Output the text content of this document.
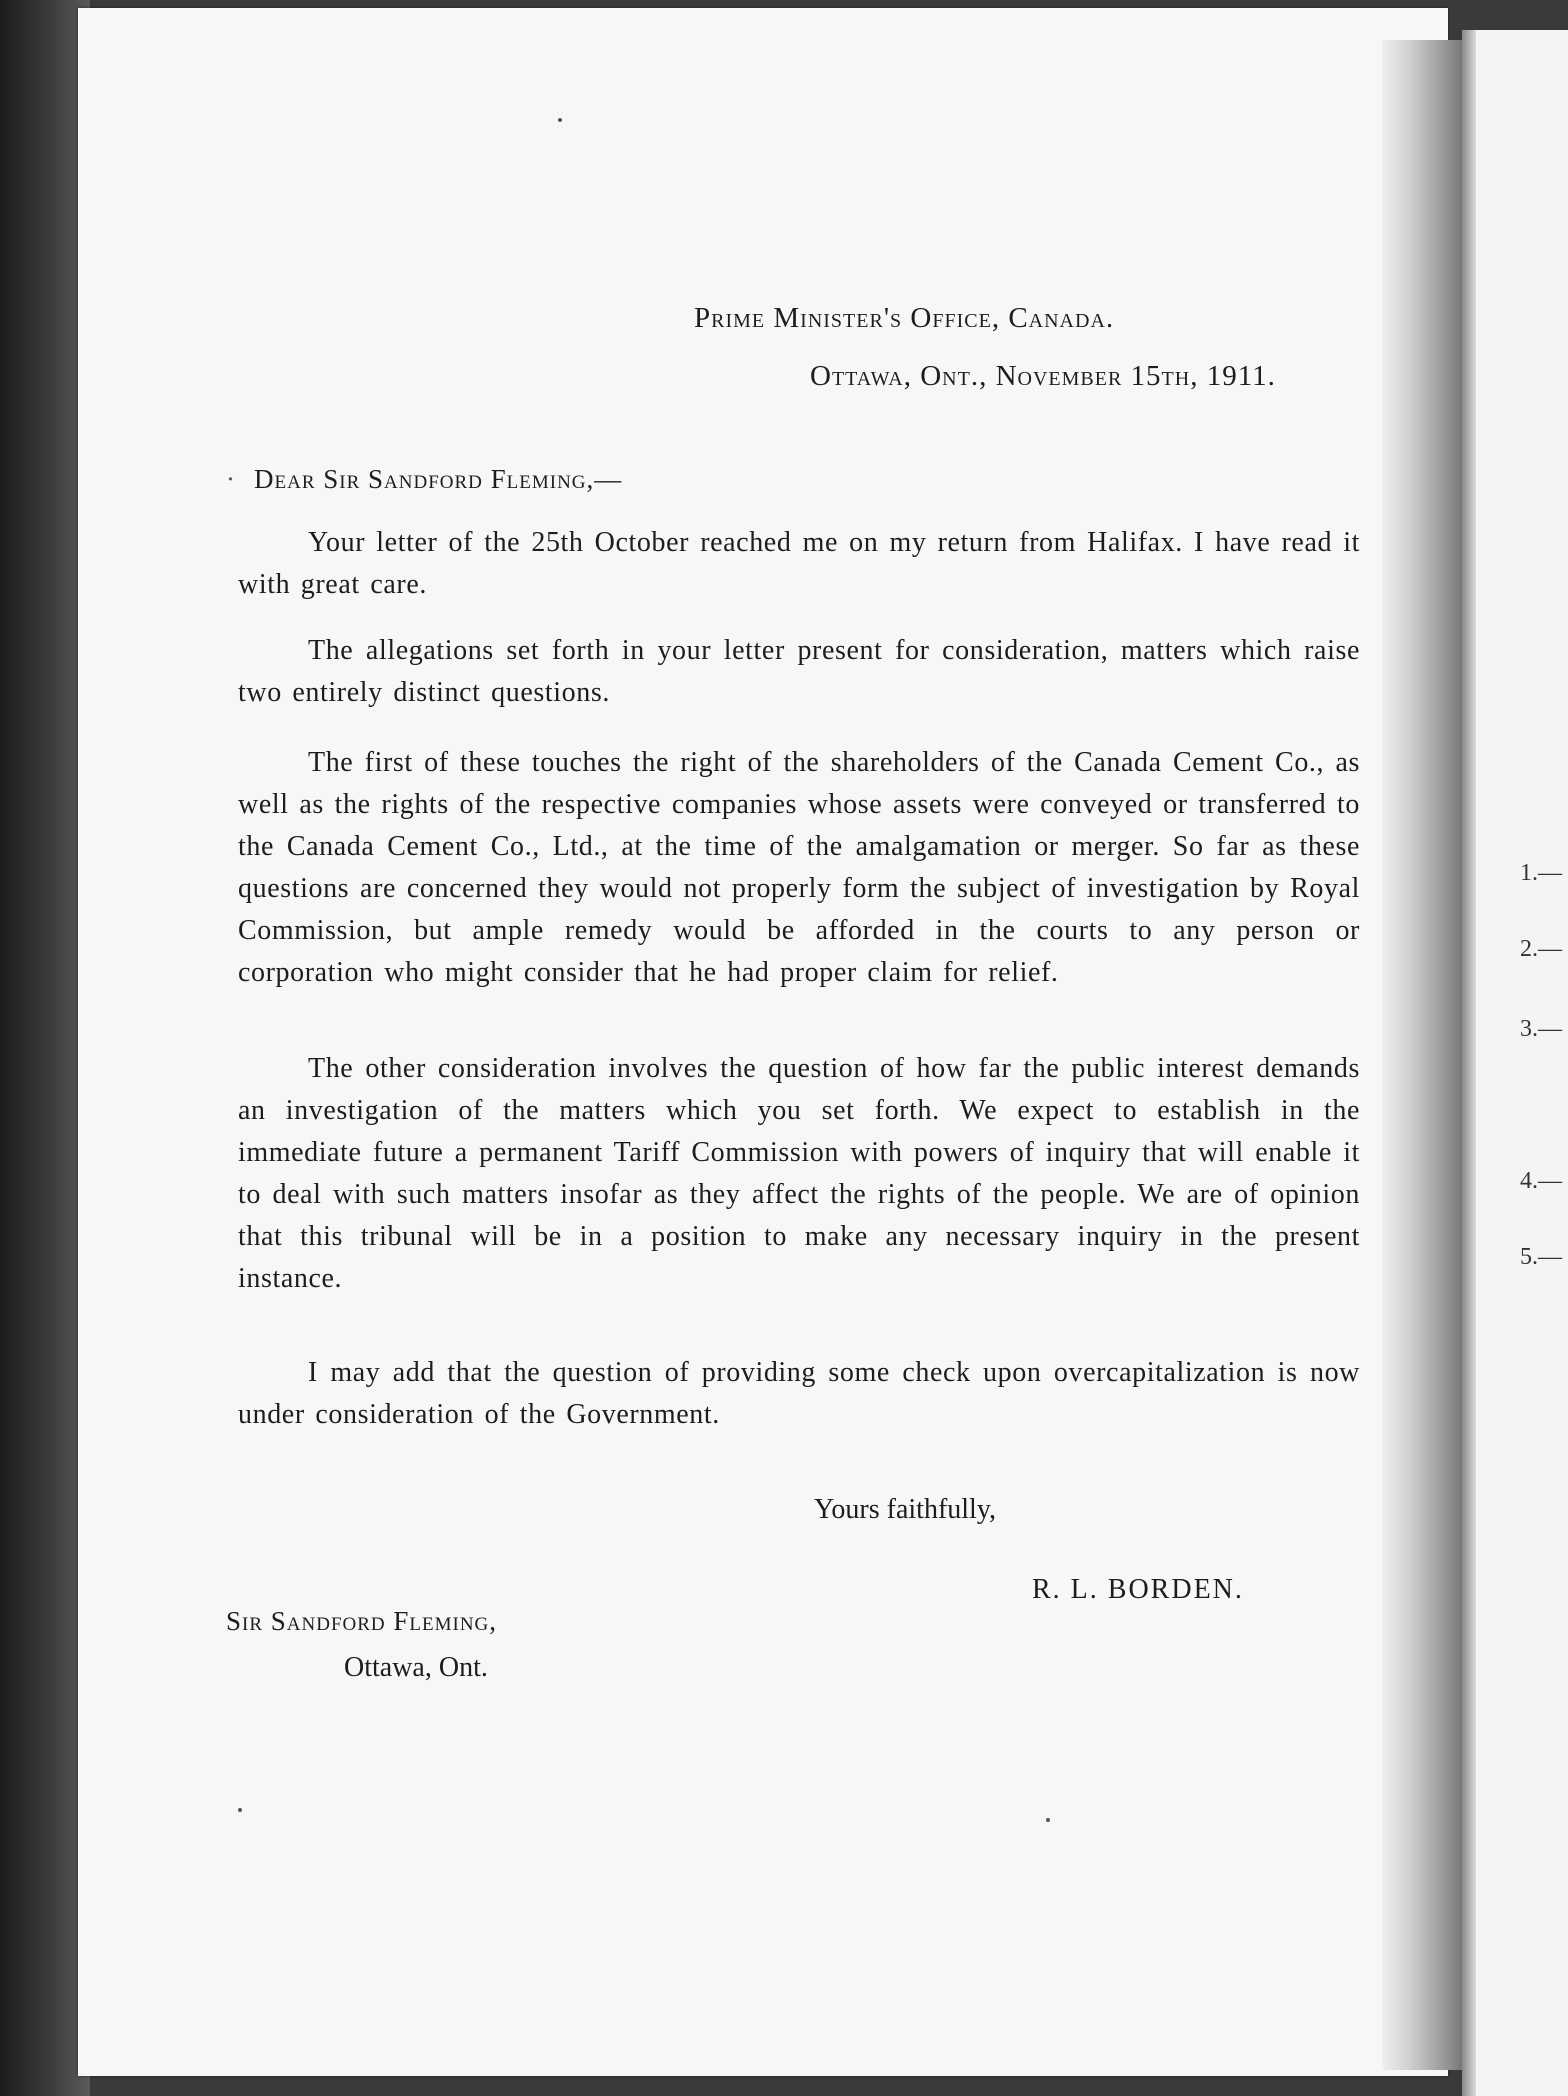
1.—
2.—
3.—
4.—
5.—
Prime Minister's Office, Canada.
Ottawa, Ont., November 15th, 1911.
· Dear Sir Sandford Fleming,—

Your letter of the 25th October reached me on my return from Halifax. I have read it with great care.

The allegations set forth in your letter present for consideration, matters which raise two entirely distinct questions.

The first of these touches the right of the shareholders of the Canada Cement Co., as well as the rights of the respective companies whose assets were conveyed or transferred to the Canada Cement Co., Ltd., at the time of the amalgamation or merger. So far as these questions are concerned they would not properly form the subject of investigation by Royal Commission, but ample remedy would be afforded in the courts to any person or corporation who might consider that he had proper claim for relief.

The other consideration involves the question of how far the public interest demands an investigation of the matters which you set forth. We expect to establish in the immediate future a permanent Tariff Commission with powers of inquiry that will enable it to deal with such matters insofar as they affect the rights of the people. We are of opinion that this tribunal will be in a position to make any necessary inquiry in the present instance.

I may add that the question of providing some check upon overcapitalization is now under consideration of the Government.

Yours faithfully,
R. L. BORDEN.
Sir Sandford Fleming,
Ottawa, Ont.
